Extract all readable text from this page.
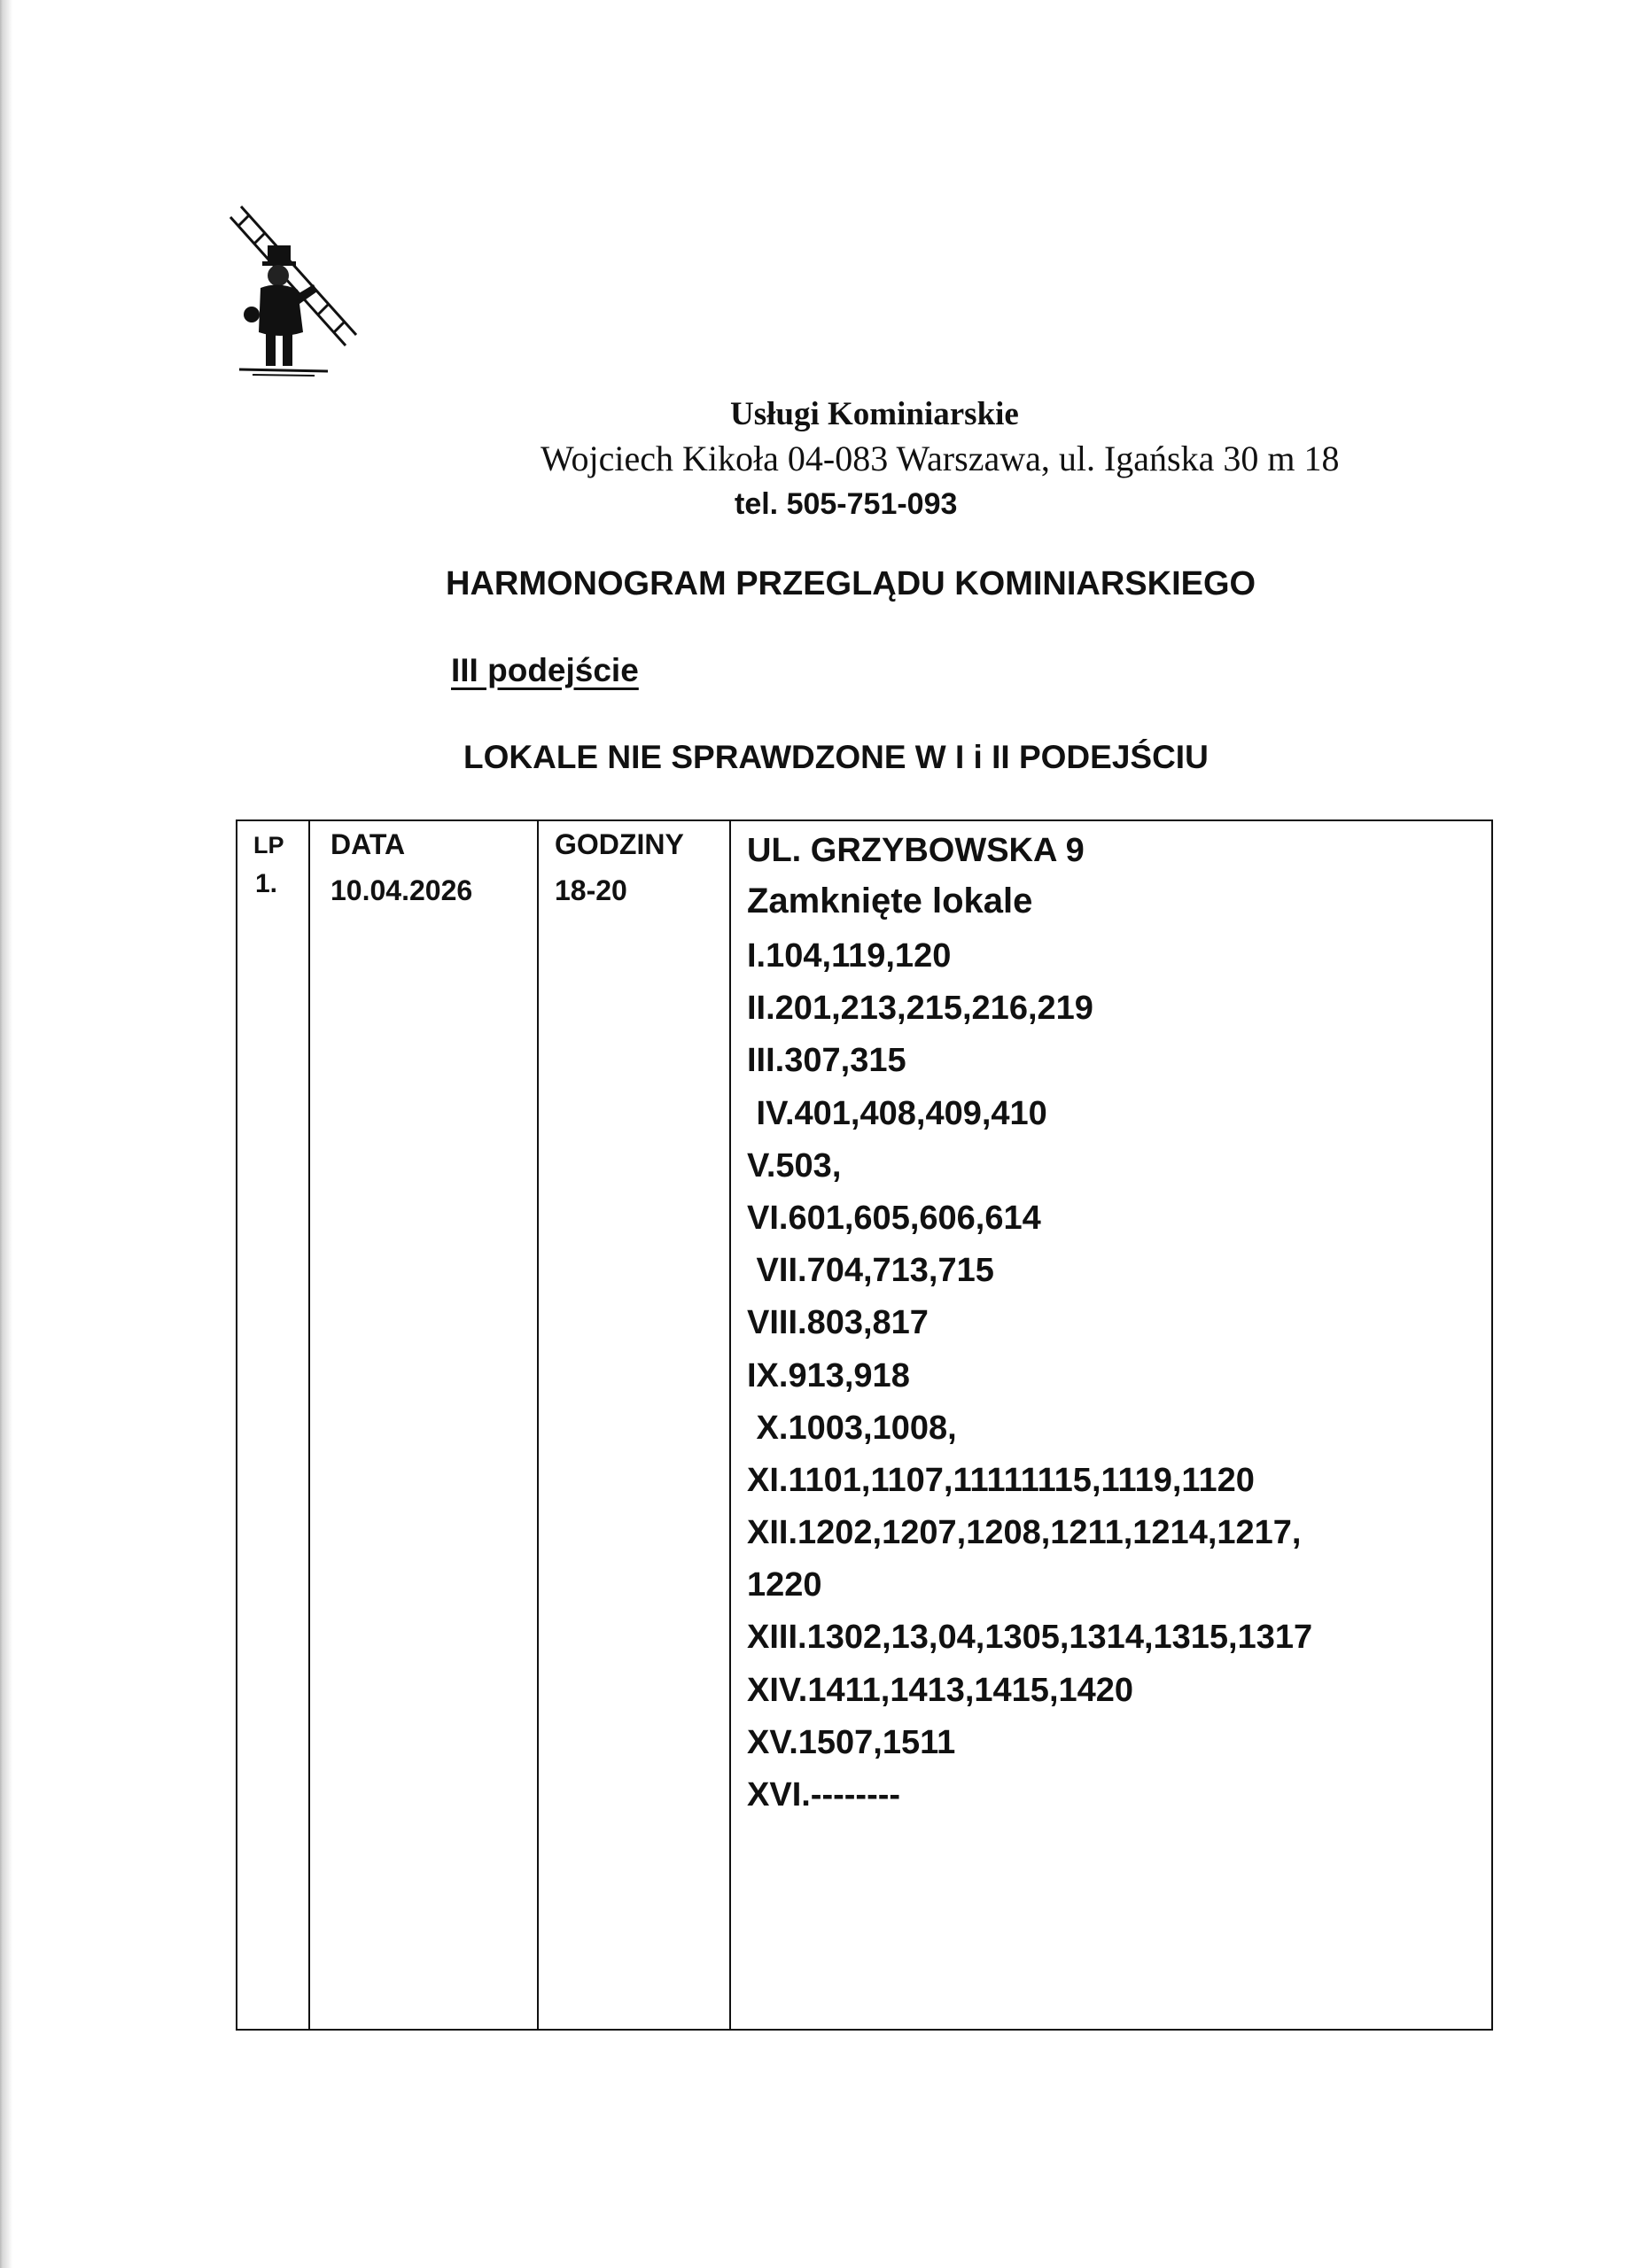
Usługi Kominiarskie
Wojciech Kikoła 04-083 Warszawa, ul. Igańska 30 m 18
tel. 505-751-093
HARMONOGRAM PRZEGLĄDU KOMINIARSKIEGO
III podejście
LOKALE NIE SPRAWDZONE W I i II PODEJŚCIU
LP
1.
DATA
10.04.2026
GODZINY
18-20
UL. GRZYBOWSKA 9
Zamknięte lokale
I.104,119,120
II.201,213,215,216,219
III.307,315
IV.401,408,409,410
V.503,
VI.601,605,606,614
VII.704,713,715
VIII.803,817
IX.913,918
X.1003,1008,
XI.1101,1107,11111115,1119,1120
XII.1202,1207,1208,1211,1214,1217,
1220
XIII.1302,13,04,1305,1314,1315,1317
XIV.1411,1413,1415,1420
XV.1507,1511
XVI.--------
